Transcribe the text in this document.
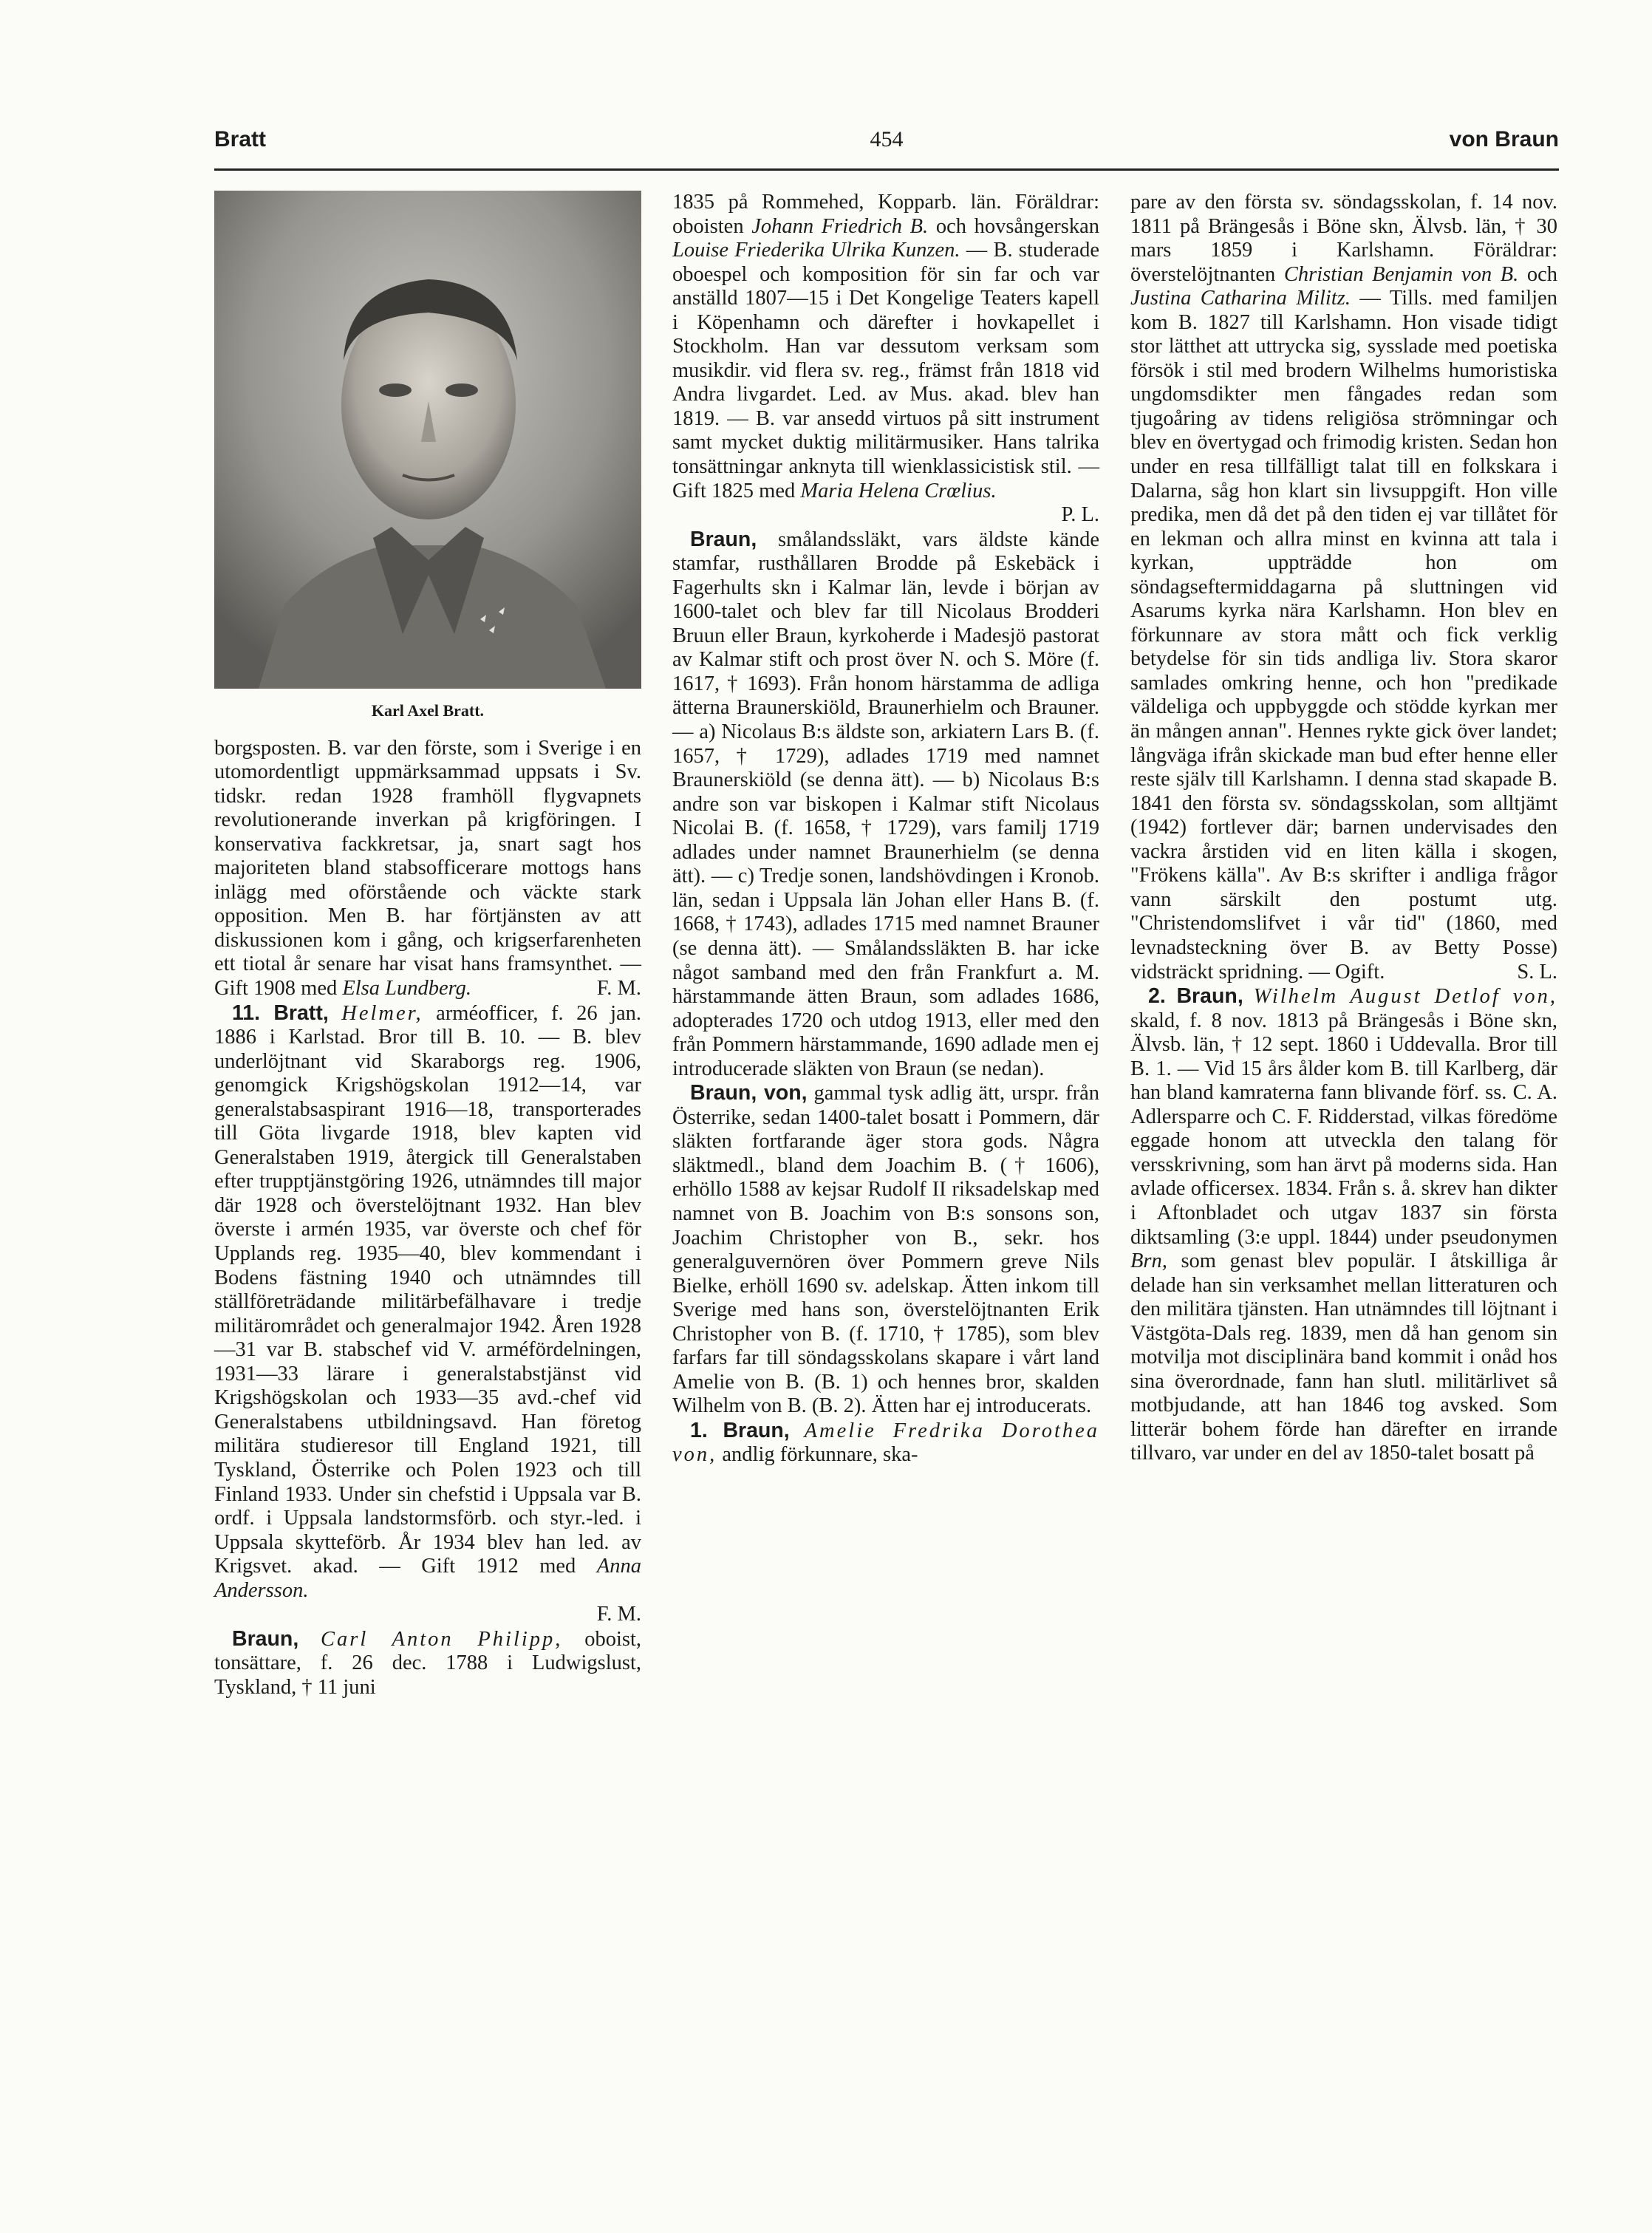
Bratt	454	von Braun
Karl Axel Bratt.

borgsposten. B. var den förste, som i Sverige i en utomordentligt uppmärksammad uppsats i Sv. tidskr. redan 1928 framhöll flygvapnets revolutionerande inverkan på krigföringen. I konservativa fackkretsar, ja, snart sagt hos majoriteten bland stabsofficerare mottogs hans inlägg med oförstående och väckte stark opposition. Men B. har förtjänsten av att diskussionen kom i gång, och krigserfarenheten ett tiotal år senare har visat hans framsynthet. — Gift 1908 med Elsa Lundberg.	F. M.

11. Bratt, Helmer, arméofficer, f. 26 jan. 1886 i Karlstad. Bror till B. 10. — B. blev underlöjtnant vid Skaraborgs reg. 1906, genomgick Krigshögskolan 1912—14, var generalstabsaspirant 1916—18, transporterades till Göta livgarde 1918, blev kapten vid Generalstaben 1919, återgick till Generalstaben efter trupptjänstgöring 1926, utnämndes till major där 1928 och överstelöjtnant 1932. Han blev överste i armén 1935, var överste och chef för Upplands reg. 1935—40, blev kommendant i Bodens fästning 1940 och utnämndes till ställföreträdande militärbefälhavare i tredje militärområdet och generalmajor 1942. Åren 1928—31 var B. stabschef vid V. arméfördelningen, 1931—33 lärare i generalstabstjänst vid Krigshögskolan och 1933—35 avd.-chef vid Generalstabens utbildningsavd. Han företog militära studieresor till England 1921, till Tyskland, Österrike och Polen 1923 och till Finland 1933. Under sin chefstid i Uppsala var B. ordf. i Uppsala landstormsförb. och styr.-led. i Uppsala skytteförb. År 1934 blev han led. av Krigsvet. akad. — Gift 1912 med Anna Andersson.

F. M.

Braun, Carl Anton Philipp, oboist, tonsättare, f. 26 dec. 1788 i Ludwigslust, Tyskland, † 11 juni

1835 på Rommehed, Kopparb. län. Föräldrar: oboisten Johann Friedrich B. och hovsångerskan Louise Friederika Ulrika Kunzen. — B. studerade oboespel och komposition för sin far och var anställd 1807—15 i Det Kongelige Teaters kapell i Köpenhamn och därefter i hovkapellet i Stockholm. Han var dessutom verksam som musikdir. vid flera sv. reg., främst från 1818 vid Andra livgardet. Led. av Mus. akad. blev han 1819. — B. var ansedd virtuos på sitt instrument samt mycket duktig militärmusiker. Hans talrika tonsättningar anknyta till wienklassicistisk stil. — Gift 1825 med Maria Helena Crœlius.

P. L.

Braun, smålandssläkt, vars äldste kände stamfar, rusthållaren Brodde på Eskebäck i Fagerhults skn i Kalmar län, levde i början av 1600-talet och blev far till Nicolaus Brodderi Bruun eller Braun, kyrkoherde i Madesjö pastorat av Kalmar stift och prost över N. och S. Möre (f. 1617, † 1693). Från honom härstamma de adliga ätterna Braunerskiöld, Braunerhielm och Brauner. — a) Nicolaus B:s äldste son, arkiatern Lars B. (f. 1657, † 1729), adlades 1719 med namnet Braunerskiöld (se denna ätt). — b) Nicolaus B:s andre son var biskopen i Kalmar stift Nicolaus Nicolai B. (f. 1658, † 1729), vars familj 1719 adlades under namnet Braunerhielm (se denna ätt). — c) Tredje sonen, landshövdingen i Kronob. län, sedan i Uppsala län Johan eller Hans B. (f. 1668, † 1743), adlades 1715 med namnet Brauner (se denna ätt). — Smålandssläkten B. har icke något samband med den från Frankfurt a. M. härstammande ätten Braun, som adlades 1686, adopterades 1720 och utdog 1913, eller med den från Pommern härstammande, 1690 adlade men ej introducerade släkten von Braun (se nedan).

Braun, von, gammal tysk adlig ätt, urspr. från Österrike, sedan 1400-talet bosatt i Pommern, där släkten fortfarande äger stora gods. Några släktmedl., bland dem Joachim B. († 1606), erhöllo 1588 av kejsar Rudolf II riksadelskap med namnet von B. Joachim von B:s sonsons son, Joachim Christopher von B., sekr. hos generalguvernören över Pommern greve Nils Bielke, erhöll 1690 sv. adelskap. Ätten inkom till Sverige med hans son, överstelöjtnanten Erik Christopher von B. (f. 1710, † 1785), som blev farfars far till söndagsskolans skapare i vårt land Amelie von B. (B. 1) och hennes bror, skalden Wilhelm von B. (B. 2). Ätten har ej introducerats.

1. Braun, Amelie Fredrika Dorothea von, andlig förkunnare, ska-

pare av den första sv. söndagsskolan, f. 14 nov. 1811 på Brängesås i Böne skn, Älvsb. län, † 30 mars 1859 i Karlshamn. Föräldrar: överstelöjtnanten Christian Benjamin von B. och Justina Catharina Militz. — Tills. med familjen kom B. 1827 till Karlshamn. Hon visade tidigt stor lätthet att uttrycka sig, sysslade med poetiska försök i stil med brodern Wilhelms humoristiska ungdomsdikter men fångades redan som tjugoåring av tidens religiösa strömningar och blev en övertygad och frimodig kristen. Sedan hon under en resa tillfälligt talat till en folkskara i Dalarna, såg hon klart sin livsuppgift. Hon ville predika, men då det på den tiden ej var tillåtet för en lekman och allra minst en kvinna att tala i kyrkan, uppträdde hon om söndagseftermiddagarna på sluttningen vid Asarums kyrka nära Karlshamn. Hon blev en förkunnare av stora mått och fick verklig betydelse för sin tids andliga liv. Stora skaror samlades omkring henne, och hon "predikade väldeliga och uppbyggde och stödde kyrkan mer än mången annan". Hennes rykte gick över landet; långväga ifrån skickade man bud efter henne eller reste själv till Karlshamn. I denna stad skapade B. 1841 den första sv. söndagsskolan, som alltjämt (1942) fortlever där; barnen undervisades den vackra årstiden vid en liten källa i skogen, "Frökens källa". Av B:s skrifter i andliga frågor vann särskilt den postumt utg. "Christendomslifvet i vår tid" (1860, med levnadsteckning över B. av Betty Posse) vidsträckt spridning. — Ogift.	S. L.

2. Braun, Wilhelm August Detlof von, skald, f. 8 nov. 1813 på Brängesås i Böne skn, Älvsb. län, † 12 sept. 1860 i Uddevalla. Bror till B. 1. — Vid 15 års ålder kom B. till Karlberg, där han bland kamraterna fann blivande förf. ss. C. A. Adlersparre och C. F. Ridderstad, vilkas föredöme eggade honom att utveckla den talang för versskrivning, som han ärvt på moderns sida. Han avlade officersex. 1834. Från s. å. skrev han dikter i Aftonbladet och utgav 1837 sin första diktsamling (3:e uppl. 1844) under pseudonymen Brn, som genast blev populär. I åtskilliga år delade han sin verksamhet mellan litteraturen och den militära tjänsten. Han utnämndes till löjtnant i Västgöta-Dals reg. 1839, men då han genom sin motvilja mot disciplinära band kommit i onåd hos sina överordnade, fann han slutl. militärlivet så motbjudande, att han 1846 tog avsked. Som litterär bohem förde han därefter en irrande tillvaro, var under en del av 1850-talet bosatt på
